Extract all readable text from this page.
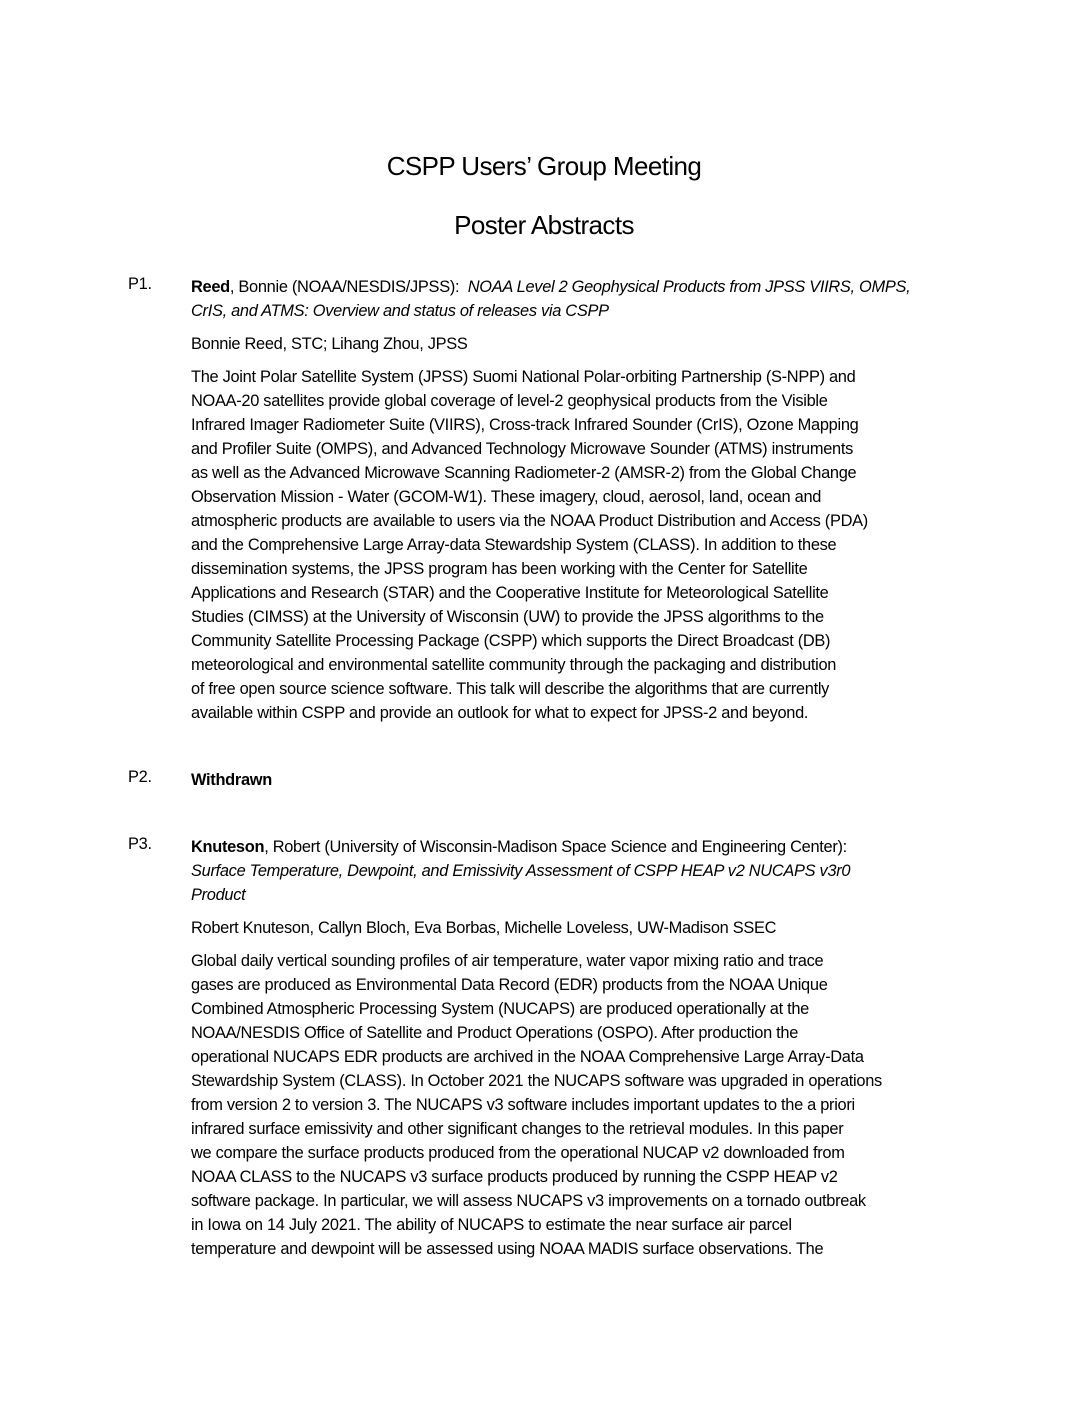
CSPP Users’ Group Meeting
Poster Abstracts
P1. Reed, Bonnie (NOAA/NESDIS/JPSS): NOAA Level 2 Geophysical Products from JPSS VIIRS, OMPS,
CrIS, and ATMS: Overview and status of releases via CSPP
Bonnie Reed, STC; Lihang Zhou, JPSS
The Joint Polar Satellite System (JPSS) Suomi National Polar-orbiting Partnership (S-NPP) and
NOAA-20 satellites provide global coverage of level-2 geophysical products from the Visible
Infrared Imager Radiometer Suite (VIIRS), Cross-track Infrared Sounder (CrIS), Ozone Mapping
and Profiler Suite (OMPS), and Advanced Technology Microwave Sounder (ATMS) instruments
as well as the Advanced Microwave Scanning Radiometer-2 (AMSR-2) from the Global Change
Observation Mission - Water (GCOM-W1). These imagery, cloud, aerosol, land, ocean and
atmospheric products are available to users via the NOAA Product Distribution and Access (PDA)
and the Comprehensive Large Array-data Stewardship System (CLASS). In addition to these
dissemination systems, the JPSS program has been working with the Center for Satellite
Applications and Research (STAR) and the Cooperative Institute for Meteorological Satellite
Studies (CIMSS) at the University of Wisconsin (UW) to provide the JPSS algorithms to the
Community Satellite Processing Package (CSPP) which supports the Direct Broadcast (DB)
meteorological and environmental satellite community through the packaging and distribution
of free open source science software. This talk will describe the algorithms that are currently
available within CSPP and provide an outlook for what to expect for JPSS-2 and beyond.
P2. Withdrawn
P3. Knuteson, Robert (University of Wisconsin-Madison Space Science and Engineering Center):
Surface Temperature, Dewpoint, and Emissivity Assessment of CSPP HEAP v2 NUCAPS v3r0
Product
Robert Knuteson, Callyn Bloch, Eva Borbas, Michelle Loveless, UW-Madison SSEC
Global daily vertical sounding profiles of air temperature, water vapor mixing ratio and trace
gases are produced as Environmental Data Record (EDR) products from the NOAA Unique
Combined Atmospheric Processing System (NUCAPS) are produced operationally at the
NOAA/NESDIS Office of Satellite and Product Operations (OSPO). After production the
operational NUCAPS EDR products are archived in the NOAA Comprehensive Large Array-Data
Stewardship System (CLASS). In October 2021 the NUCAPS software was upgraded in operations
from version 2 to version 3. The NUCAPS v3 software includes important updates to the a priori
infrared surface emissivity and other significant changes to the retrieval modules. In this paper
we compare the surface products produced from the operational NUCAP v2 downloaded from
NOAA CLASS to the NUCAPS v3 surface products produced by running the CSPP HEAP v2
software package. In particular, we will assess NUCAPS v3 improvements on a tornado outbreak
in Iowa on 14 July 2021. The ability of NUCAPS to estimate the near surface air parcel
temperature and dewpoint will be assessed using NOAA MADIS surface observations. The
